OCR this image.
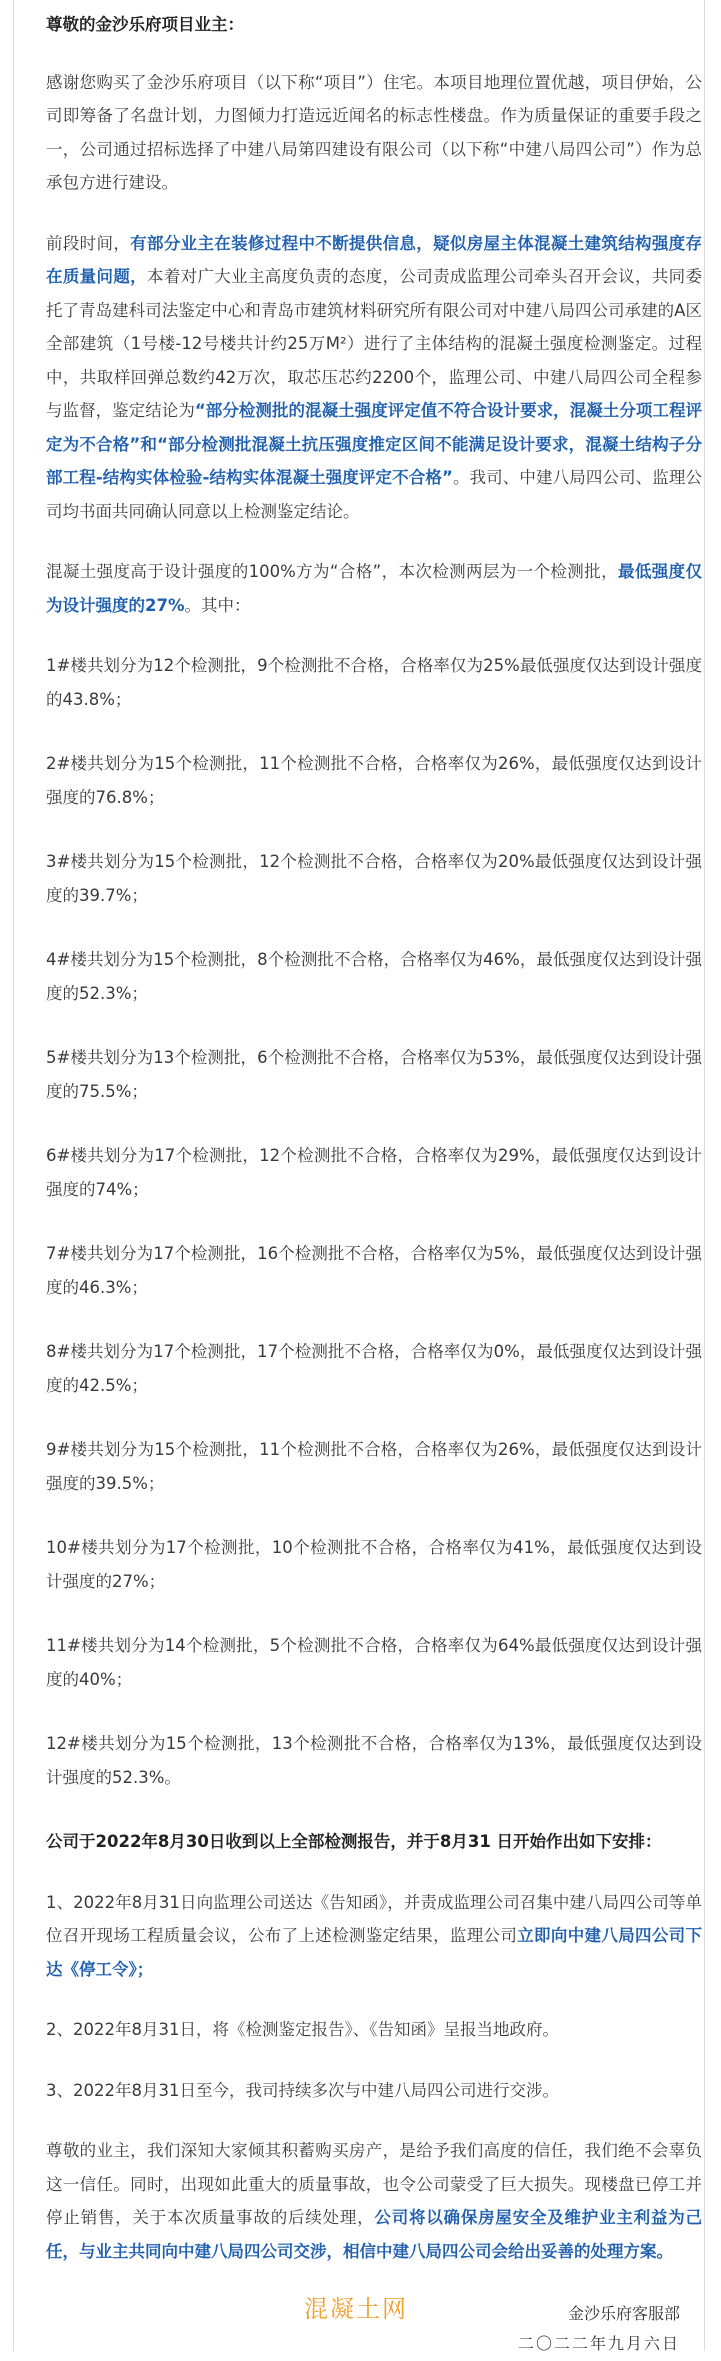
尊敬的金沙乐府项目业主：

感谢您购买了金沙乐府项目（以下称“项目”）住宅。本项目地理位置优越，项目伊始，公司即筹备了名盘计划，力图倾力打造远近闻名的标志性楼盘。作为质量保证的重要手段之一，公司通过招标选择了中建八局第四建设有限公司（以下称“中建八局四公司”）作为总承包方进行建设。

前段时间，有部分业主在装修过程中不断提供信息，疑似房屋主体混凝土建筑结构强度存在质量问题，本着对广大业主高度负责的态度，公司责成监理公司牵头召开会议，共同委托了青岛建科司法鉴定中心和青岛市建筑材料研究所有限公司对中建八局四公司承建的A区全部建筑（1号楼-12号楼共计约25万M²）进行了主体结构的混凝土强度检测鉴定。过程中，共取样回弹总数约42万次，取芯压芯约2200个，监理公司、中建八局四公司全程参与监督，鉴定结论为“部分检测批的混凝土强度评定值不符合设计要求，混凝土分项工程评定为不合格”和“部分检测批混凝土抗压强度推定区间不能满足设计要求，混凝土结构子分部工程-结构实体检验-结构实体混凝土强度评定不合格”。我司、中建八局四公司、监理公司均书面共同确认同意以上检测鉴定结论。

混凝土强度高于设计强度的100%方为“合格”，本次检测两层为一个检测批，最低强度仅为设计强度的27%。其中：

1#楼共划分为12个检测批，9个检测批不合格，合格率仅为25%最低强度仅达到设计强度的43.8%；

2#楼共划分为15个检测批，11个检测批不合格，合格率仅为26%，最低强度仅达到设计强度的76.8%；

3#楼共划分为15个检测批，12个检测批不合格，合格率仅为20%最低强度仅达到设计强度的39.7%；

4#楼共划分为15个检测批，8个检测批不合格，合格率仅为46%，最低强度仅达到设计强度的52.3%；

5#楼共划分为13个检测批，6个检测批不合格，合格率仅为53%，最低强度仅达到设计强度的75.5%；

6#楼共划分为17个检测批，12个检测批不合格，合格率仅为29%，最低强度仅达到设计强度的74%；

7#楼共划分为17个检测批，16个检测批不合格，合格率仅为5%，最低强度仅达到设计强度的46.3%；

8#楼共划分为17个检测批，17个检测批不合格，合格率仅为0%，最低强度仅达到设计强度的42.5%；

9#楼共划分为15个检测批，11个检测批不合格，合格率仅为26%，最低强度仅达到设计强度的39.5%；

10#楼共划分为17个检测批，10个检测批不合格，合格率仅为41%，最低强度仅达到设计强度的27%；

11#楼共划分为14个检测批，5个检测批不合格，合格率仅为64%最低强度仅达到设计强度的40%；

12#楼共划分为15个检测批，13个检测批不合格，合格率仅为13%，最低强度仅达到设计强度的52.3%。

公司于2022年8月30日收到以上全部检测报告，并于8月31 日开始作出如下安排：

1、2022年8月31日向监理公司送达《告知函》，并责成监理公司召集中建八局四公司等单位召开现场工程质量会议，公布了上述检测鉴定结果，监理公司立即向中建八局四公司下达《停工令》；

2、2022年8月31日，将《检测鉴定报告》、《告知函》呈报当地政府。

3、2022年8月31日至今，我司持续多次与中建八局四公司进行交涉。

尊敬的业主，我们深知大家倾其积蓄购买房产，是给予我们高度的信任，我们绝不会辜负这一信任。同时，出现如此重大的质量事故，也令公司蒙受了巨大损失。现楼盘已停工并停止销售，关于本次质量事故的后续处理，公司将以确保房屋安全及维护业主利益为己任，与业主共同向中建八局四公司交涉，相信中建八局四公司会给出妥善的处理方案。

混凝土网	金沙乐府客服部
二〇二二年九月六日
